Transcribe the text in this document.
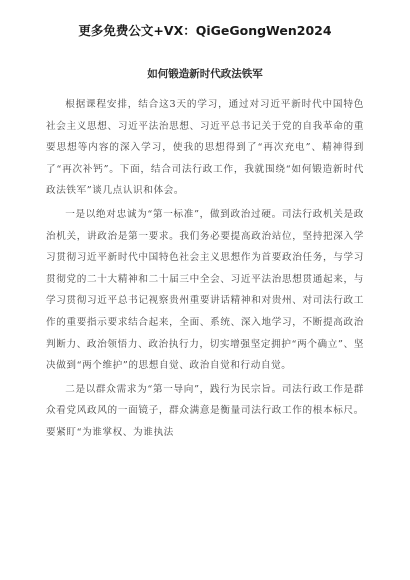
更多免费公文+VX：QiGeGongWen2024
如何锻造新时代政法铁军

根据课程安排，结合这3天的学习，通过对习近平新时代中国特色社会主义思想、习近平法治思想、习近平总书记关于党的自我革命的重要思想等内容的深入学习，使我的思想得到了“再次充电”、精神得到了“再次补钙”。下面，结合司法行政工作，我就围绕“如何锻造新时代政法铁军”谈几点认识和体会。

一是以绝对忠诚为“第一标准”，做到政治过硬。司法行政机关是政治机关，讲政治是第一要求。我们务必要提高政治站位，坚持把深入学习贯彻习近平新时代中国特色社会主义思想作为首要政治任务，与学习贯彻党的二十大精神和二十届三中全会、习近平法治思想贯通起来，与学习贯彻习近平总书记视察贵州重要讲话精神和对贵州、对司法行政工作的重要指示要求结合起来，全面、系统、深入地学习，不断提高政治判断力、政治领悟力、政治执行力，切实增强坚定拥护“两个确立”、坚决做到“两个维护”的思想自觉、政治自觉和行动自觉。

二是以群众需求为“第一导向”，践行为民宗旨。司法行政工作是群众看党风政风的一面镜子，群众满意是衡量司法行政工作的根本标尺。要紧盯“为谁掌权、为谁执法
